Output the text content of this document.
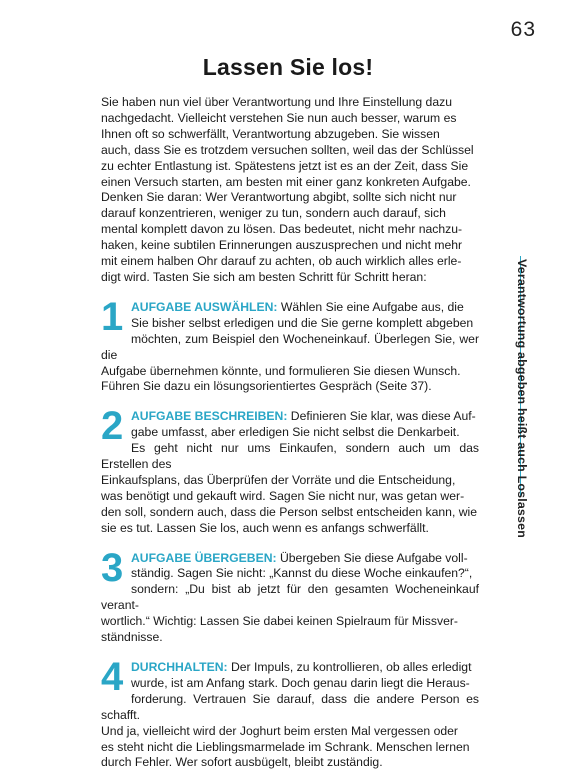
63
Verantwortung abgeben heißt auch Loslassen
Lassen Sie los!

Sie haben nun viel über Verantwortung und Ihre Einstellung dazu
nachgedacht. Vielleicht verstehen Sie nun auch besser, warum es
Ihnen oft so schwerfällt, Verantwortung abzugeben. Sie wissen
auch, dass Sie es trotzdem versuchen sollten, weil das der Schlüssel
zu echter Entlastung ist. Spätestens jetzt ist es an der Zeit, dass Sie
einen Versuch starten, am besten mit einer ganz konkreten Aufgabe.
Denken Sie daran: Wer Verantwortung abgibt, sollte sich nicht nur
darauf konzentrieren, weniger zu tun, sondern auch darauf, sich
mental komplett davon zu lösen. Das bedeutet, nicht mehr nachzu-
haken, keine subtilen Erinnerungen auszusprechen und nicht mehr
mit einem halben Ohr darauf zu achten, ob auch wirklich alles erle-
digt wird. Tasten Sie sich am besten Schritt für Schritt heran:

1 AUFGABE AUSWÄHLEN: Wählen Sie eine Aufgabe aus, die
Sie bisher selbst erledigen und die Sie gerne komplett abgeben
möchten, zum Beispiel den Wocheneinkauf. Überlegen Sie, wer die
Aufgabe übernehmen könnte, und formulieren Sie diesen Wunsch.
Führen Sie dazu ein lösungsorientiertes Gespräch (Seite 37).

2 AUFGABE BESCHREIBEN: Definieren Sie klar, was diese Auf-
gabe umfasst, aber erledigen Sie nicht selbst die Denkarbeit.
Es geht nicht nur ums Einkaufen, sondern auch um das Erstellen des
Einkaufsplans, das Überprüfen der Vorräte und die Entscheidung,
was benötigt und gekauft wird. Sagen Sie nicht nur, was getan wer-
den soll, sondern auch, dass die Person selbst entscheiden kann, wie
sie es tut. Lassen Sie los, auch wenn es anfangs schwerfällt.

3 AUFGABE ÜBERGEBEN: Übergeben Sie diese Aufgabe voll-
ständig. Sagen Sie nicht: „Kannst du diese Woche einkaufen?“,
sondern: „Du bist ab jetzt für den gesamten Wocheneinkauf verant-
wortlich.“ Wichtig: Lassen Sie dabei keinen Spielraum für Missver-
ständnisse.

4 DURCHHALTEN: Der Impuls, zu kontrollieren, ob alles erledigt
wurde, ist am Anfang stark. Doch genau darin liegt die Heraus-
forderung. Vertrauen Sie darauf, dass die andere Person es schafft.
Und ja, vielleicht wird der Joghurt beim ersten Mal vergessen oder
es steht nicht die Lieblingsmarmelade im Schrank. Menschen lernen
durch Fehler. Wer sofort ausbügelt, bleibt zuständig.
